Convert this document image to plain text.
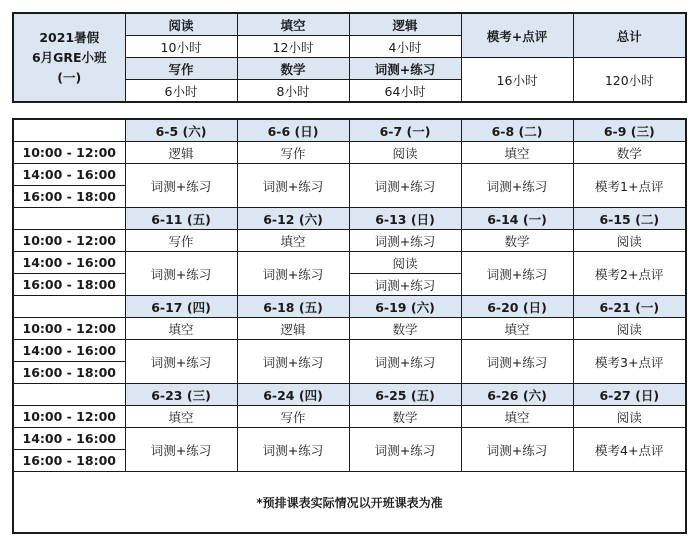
2021暑假
6月GRE小班
(一)	阅读	填空	逻辑	模考+点评	总计
	10小时	12小时	4小时		
	写作	数学	词测+练习	16小时	120小时
	6小时	8小时	64小时		
	6-5 (六)	6-6 (日)	6-7 (一)	6-8 (二)	6-9 (三)
10:00 - 12:00	逻辑	写作	阅读	填空	数学
14:00 - 16:00	词测+练习	词测+练习	词测+练习	词测+练习	模考1+点评
16:00 - 18:00					
	6-11 (五)	6-12 (六)	6-13 (日)	6-14 (一)	6-15 (二)
10:00 - 12:00	写作	填空	词测+练习	数学	阅读
14:00 - 16:00	词测+练习	词测+练习	阅读	词测+练习	模考2+点评
16:00 - 18:00			词测+练习		
	6-17 (四)	6-18 (五)	6-19 (六)	6-20 (日)	6-21 (一)
10:00 - 12:00	填空	逻辑	数学	填空	阅读
14:00 - 16:00	词测+练习	词测+练习	词测+练习	词测+练习	模考3+点评
16:00 - 18:00					
	6-23 (三)	6-24 (四)	6-25 (五)	6-26 (六)	6-27 (日)
10:00 - 12:00	填空	写作	数学	填空	阅读
14:00 - 16:00	词测+练习	词测+练习	词测+练习	词测+练习	模考4+点评
16:00 - 18:00					
*预排课表实际情况以开班课表为准					
